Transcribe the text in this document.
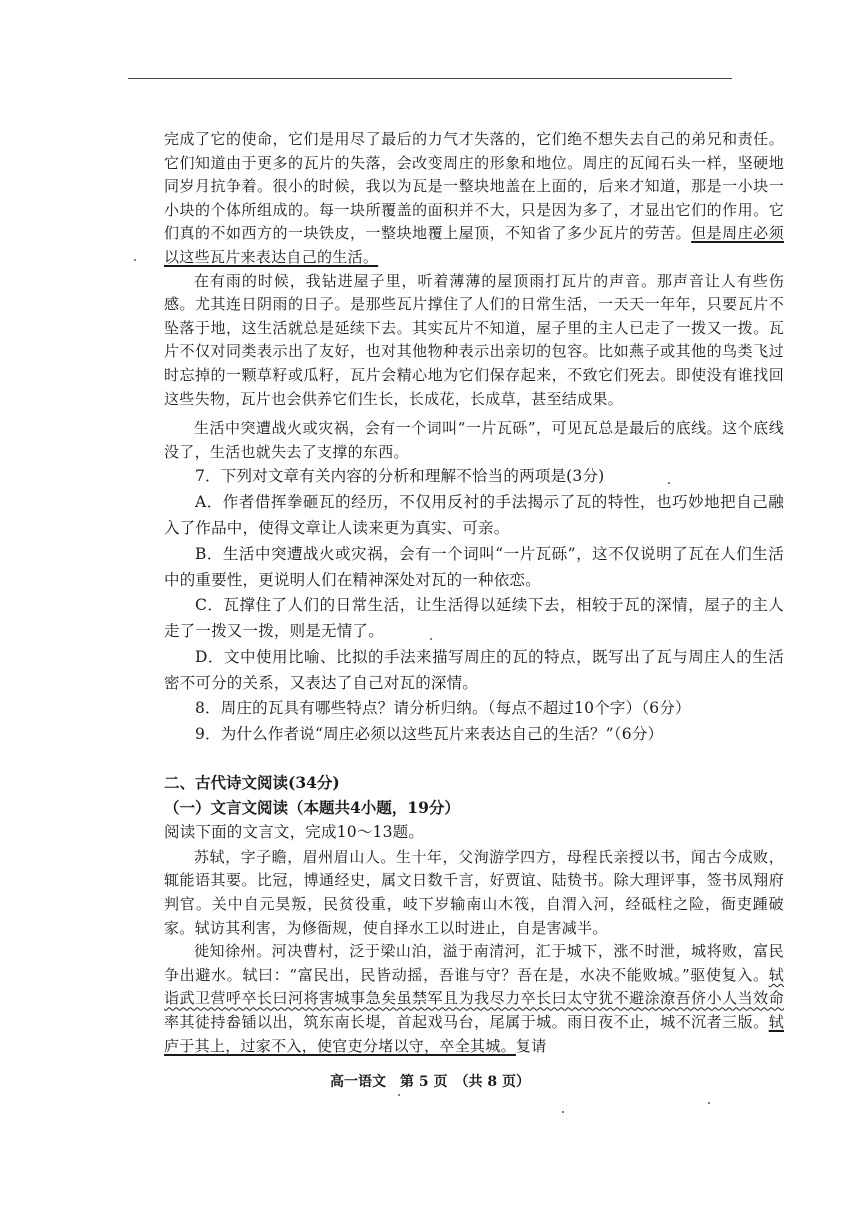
完成了它的使命，它们是用尽了最后的力气才失落的，它们绝不想失去自己的弟兄和责任。它们知道由于更多的瓦片的失落，会改变周庄的形象和地位。周庄的瓦闻石头一样，坚硬地同岁月抗争着。很小的时候，我以为瓦是一整块地盖在上面的，后来才知道，那是一小块一小块的个体所组成的。每一块所覆盖的面积并不大，只是因为多了，才显出它们的作用。它们真的不如西方的一块铁皮，一整块地覆上屋顶，不知省了多少瓦片的劳苦。但是周庄必须以这些瓦片来表达自己的生活。

在有雨的时候，我钻进屋子里，听着薄薄的屋顶雨打瓦片的声音。那声音让人有些伤感。尤其连日阴雨的日子。是那些瓦片撑住了人们的日常生活，一天天一年年，只要瓦片不坠落于地，这生活就总是延续下去。其实瓦片不知道，屋子里的主人已走了一拨又一拨。瓦片不仅对同类表示出了友好，也对其他物种表示出亲切的包容。比如燕子或其他的鸟类飞过时忘掉的一颗草籽或瓜籽，瓦片会精心地为它们保存起来，不致它们死去。即使没有谁找回这些失物，瓦片也会供养它们生长，长成花，长成草，甚至结成果。

生活中突遭战火或灾祸，会有一个词叫“一片瓦砾”，可见瓦总是最后的底线。这个底线没了，生活也就失去了支撑的东西。

7．下列对文章有关内容的分析和理解不恰当的两项是(3分)

A．作者借挥拳砸瓦的经历，不仅用反衬的手法揭示了瓦的特性，也巧妙地把自己融入了作品中，使得文章让人读来更为真实、可亲。

B．生活中突遭战火或灾祸，会有一个词叫“一片瓦砾”，这不仅说明了瓦在人们生活中的重要性，更说明人们在精神深处对瓦的一种依恋。

C．瓦撑住了人们的日常生活，让生活得以延续下去，相较于瓦的深情，屋子的主人走了一拨又一拨，则是无情了。

D．文中使用比喻、比拟的手法来描写周庄的瓦的特点，既写出了瓦与周庄人的生活密不可分的关系，又表达了自己对瓦的深情。

8．周庄的瓦具有哪些特点？请分析归纳。（每点不超过10个字）（6分）

9．为什么作者说“周庄必须以这些瓦片来表达自己的生活？”（6分）

二、古代诗文阅读(34分)

（一）文言文阅读（本题共4小题，19分）

阅读下面的文言文，完成10～13题。

苏轼，字子瞻，眉州眉山人。生十年，父洵游学四方，母程氏亲授以书，闻古今成败，辄能语其要。比冠，博通经史，属文日数千言，好贾谊、陆贽书。除大理评事，签书凤翔府判官。关中自元昊叛，民贫役重，岐下岁输南山木筏，自渭入河，经砥柱之险，衙吏踵破家。轼访其利害，为修衙规，使自择水工以时进止，自是害减半。

徙知徐州。河决曹村，泛于梁山泊，溢于南清河，汇于城下，涨不时泄，城将败，富民争出避水。轼曰：“富民出，民皆动摇，吾谁与守？吾在是，水决不能败城。”驱使复入。轼诣武卫营呼卒长曰河将害城事急矣虽禁军且为我尽力卒长曰太守犹不避涂潦吾侪小人当效命率其徒持畚锸以出，筑东南长堤，首起戏马台，尾属于城。雨日夜不止，城不沉者三版。轼庐于其上，过家不入，使官吏分堵以守，卒全其城。复请

高一语文　第 5 页　（共 8 页）
